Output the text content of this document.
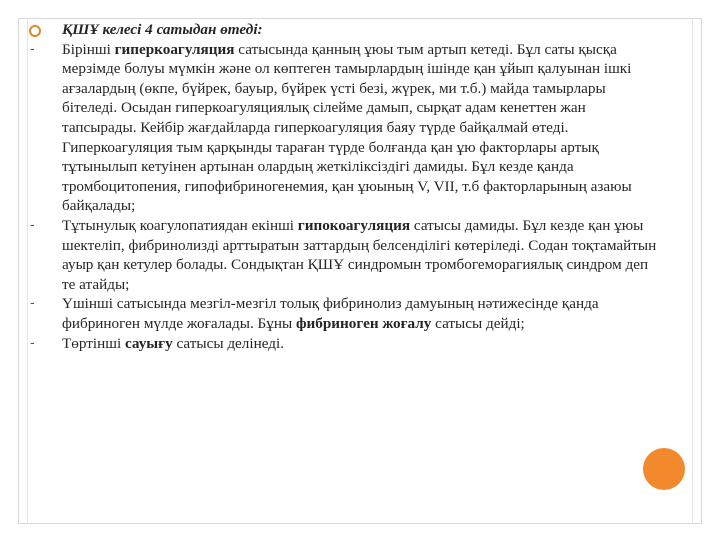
ҚШҰ келесі 4 сатыдан өтеді:

- Бірінші гиперкоагуляция сатысында қанның ұюы тым артып кетеді. Бұл саты қысқа мерзімде болуы мүмкін және ол көптеген тамырлардың ішінде қан ұйып қалуынан ішкі ағзалардың (өкпе, бүйрек, бауыр, бүйрек үсті безі, жүрек, ми т.б.) майда тамырлары бітеледі. Осыдан гиперкоагуляциялық сілейме дамып, сырқат адам кенеттен жан тапсырады. Кейбір жағдайларда гиперкоагуляция баяу түрде байқалмай өтеді. Гиперкоагуляция тым қарқынды тараған түрде болғанда қан ұю факторлары артық тұтынылып кетуінен артынан олардың жеткіліксіздігі дамиды. Бұл кезде қанда тромбоцитопения, гипофибриногенемия, қан ұюының V, VII, т.б факторларының азаюы байқалады;

- Тұтынулық коагулопатиядан екінші гипокоагуляция сатысы дамиды. Бұл кезде қан ұюы шектеліп, фибринолизді арттыратын заттардың белсенділігі көтеріледі. Содан тоқтамайтын ауыр қан кетулер болады. Сондықтан ҚШҰ синдромын тромбогеморагиялық синдром деп те атайды;

- Үшінші сатысында мезгіл-мезгіл толық фибринолиз дамуының нәтижесінде қанда фибриноген мүлде жоғалады. Бұны фибриноген жоғалу сатысы дейді;

- Төртінші сауығу сатысы делінеді.
